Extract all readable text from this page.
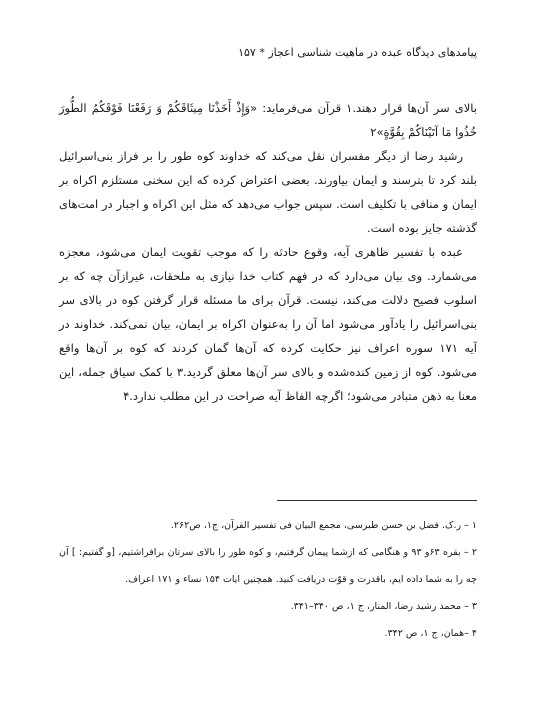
پیامدهای دیدگاه عبده در ماهیت شناسی اعجاز * ۱۵۷

بالای سر آن‌ها قرار دهند.۱ قرآن می‌فرماید: «وَإِذْ أَخَذْنَا مِيثَاقَكُمْ وَ رَفَعْنَا فَوْقَكُمُ الطُّورَ خُذُوا مَا آتَيْنَاكُمْ بِقُوَّةٍ»۲

رشید رضا از دیگر مفسران نقل می‌کند که خداوند کوه طور را بر فراز بنی‌اسرائیل بلند کرد تا بترسند و ایمان بیاورند. بعضی اعتراض کرده که این سخنی مستلزم اکراه بر ایمان و منافی با تکلیف است. سپس جواب می‌دهد که مثل این اکراه و اجبار در امت‌های گذشته جایز بوده است.

عبده با تفسیر ظاهری آیه، وقوع حادثه را که موجب تقویت ایمان می‌شود، معجزه می‌شمارد. وی بیان می‌دارد که در فهم کتاب خدا نیازی به ملحقات، غیرازآن چه که بر اسلوب فصیح دلالت می‌کند، نیست. قرآن برای ما مسئله قرار گرفتن کوه در بالای سر بنی‌اسرائیل را یادآور می‌شود اما آن را به‌عنوان اکراه بر ایمان، بیان نمی‌کند. خداوند در آیه ۱۷۱ سوره اعراف نیز حکایت کرده که آن‌ها گمان کردند که کوه بر آن‌ها واقع می‌شود. کوه از زمین کنده‌شده و بالای سر آن‌ها معلق گردید.۳ با کمک سیاق جمله، این معنا به ذهن متبادر می‌شود؛ اگرچه الفاظ آیه صراحت در این مطلب ندارد.۴

۱ – ر.ک. فضل بن حسن طبرسی، مجمع البیان فی تفسیر القرآن، ج۱، ص۲۶۲.

۲ – بقره ۶۳و ۹۳ و هنگامی که ازشما پیمان گرفتیم، و کوه طور را بالای سرتان برافراشتیم، [و گفتیم: ] آن چه را به شما داده ایم، باقدرت و قوّت دریافت کنید. همچنین ایات ۱۵۴ نساء و ۱۷۱ اعراف.

۳ – محمد رشید رضا، المنار، ج ۱، ص ۳۴۰–۳۴۱.

۴ –همان، ج ۱، ص ۳۴۲.
